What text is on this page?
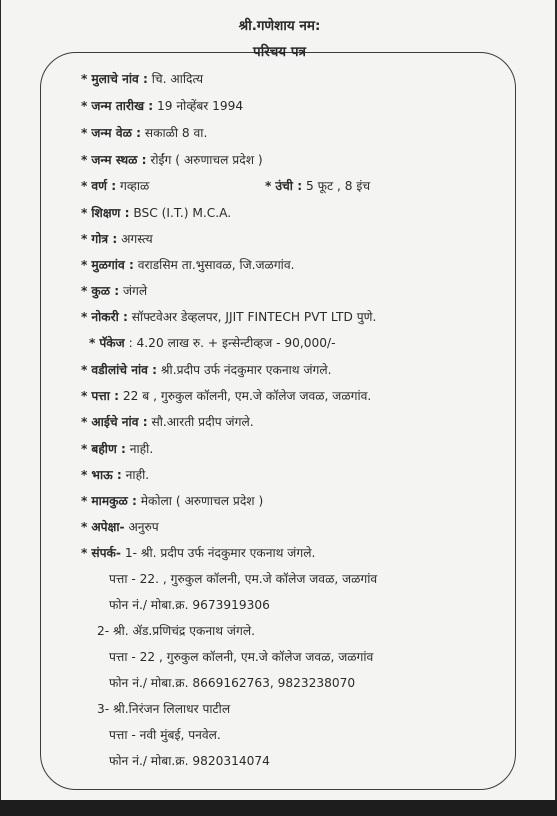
श्री.गणेशाय नम:
परिचय पत्र
* मुलाचे नांव : चि. आदित्य
* जन्म तारीख : 19 नोव्हेंबर 1994
* जन्म वेळ : सकाळी 8 वा.
* जन्म स्थळ : रोईंग ( अरुणाचल प्रदेश )
* वर्ण : गव्हाळ	* उंची : 5 फूट , 8 इंच
* शिक्षण : BSC (I.T.) M.C.A.
* गोत्र : अगस्त्य
* मुळगांव : वराडसिम ता.भुसावळ, जि.जळगांव.
* कुळ : जंगले
* नोकरी : सॉफ्टवेअर डेव्हलपर, JJIT FINTECH PVT LTD पुणे.
* पॅकेज : 4.20 लाख रु. + इन्सेन्टीव्हज - 90,000/-
* वडीलांचे नांव : श्री.प्रदीप उर्फ नंदकुमार एकनाथ जंगले.
* पत्ता : 22 ब , गुरुकुल कॉलनी, एम.जे कॉलेज जवळ, जळगांव.
* आईचे नांव : सौ.आरती प्रदीप जंगले.
* बहीण : नाही.
* भाऊ : नाही.
* मामकुळ : मेकोला ( अरुणाचल प्रदेश )
* अपेक्षा- अनुरुप
* संपर्क- 1- श्री. प्रदीप उर्फ नंदकुमार एकनाथ जंगले.
पत्ता - 22. , गुरुकुल कॉलनी, एम.जे कॉलेज जवळ, जळगांव
फोन नं./ मोबा.क्र. 9673919306
2- श्री. ॲड.प्रणिचंद्र एकनाथ जंगले.
पत्ता - 22 , गुरुकुल कॉलनी, एम.जे कॉलेज जवळ, जळगांव
फोन नं./ मोबा.क्र. 8669162763, 9823238070
3- श्री.निरंजन लिलाधर पाटील
पत्ता - नवी मुंबई, पनवेल.
फोन नं./ मोबा.क्र. 9820314074
